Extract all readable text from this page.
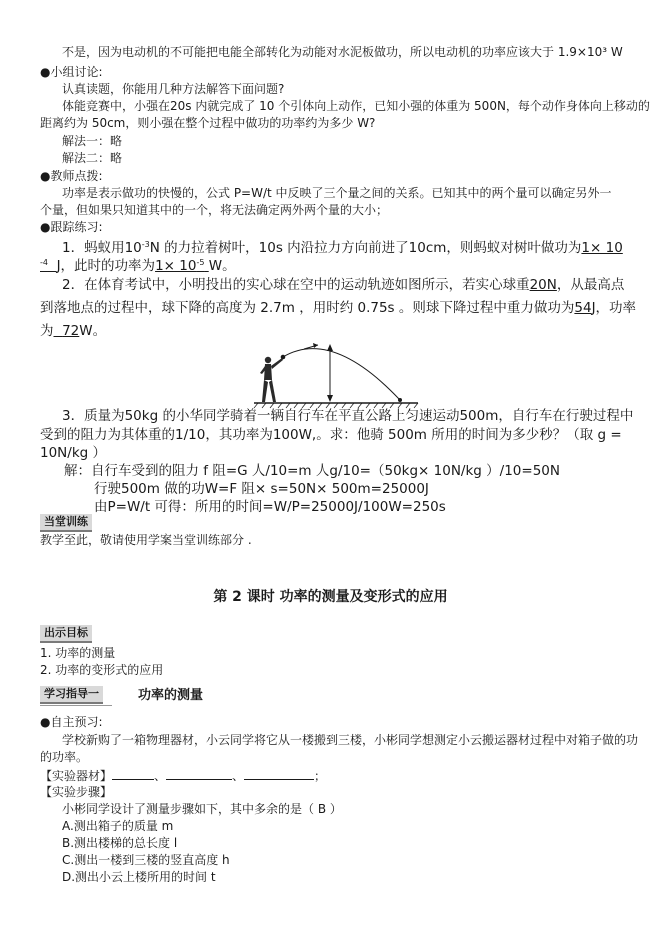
不是，因为电动机的不可能把电能全部转化为动能对水泥板做功，所以电动机的功率应该大于 1.9×10³ W
●小组讨论:
认真读题，你能用几种方法解答下面问题?
体能竞赛中，小强在20s 内就完成了 10 个引体向上动作，已知小强的体重为 500N，每个动作身体向上移动的
距离约为 50cm，则小强在整个过程中做功的功率约为多少 W?
解法一：略
解法二：略
●教师点拨:
功率是表示做功的快慢的，公式 P=W/t 中反映了三个量之间的关系。已知其中的两个量可以确定另外一
个量，但如果只知道其中的一个，将无法确定两外两个量的大小；
●跟踪练习:
1．蚂蚁用$10^{-3}N$ 的力拉着树叶，10s 内沿拉力方向前进了10cm，则蚂蚁对树叶做功为1× 10
$^{-4}$ J，此时的功率为$1\times 10^{-5}$ W。
2．在体育考试中，小明投出的实心球在空中的运动轨迹如图所示，若实心球重20N，从最高点
到落地点的过程中，球下降的高度为 2.7m ，用时约 0.75s 。则球下降过程中重力做功为54J，功率
为 72W。
3．质量为50kg 的小华同学骑着一辆自行车在平直公路上匀速运动500m，自行车在行驶过程中
受到的阻力为其体重的1/10，其功率为100W,。求：他骑 500m 所用的时间为多少秒？（取 g =
10N/kg ）
解：自行车受到的阻力 f 阻=G 人/10=m 人g/10=（50kg× 10N/kg ）/10=50N
行驶500m 做的功W=F 阻× s=50N× 500m=25000J
由P=W/t 可得：所用的时间=W/P=25000J/100W=250s
当堂训练
教学至此，敬请使用学案当堂训练部分 .
第 2 课时 功率的测量及变形式的应用
出示目标
1. 功率的测量
2. 功率的变形式的应用
学习指导一	功率的测量
●自主预习:
学校新购了一箱物理器材，小云同学将它从一楼搬到三楼，小彬同学想测定小云搬运器材过程中对箱子做的功
的功率。
【实验器材】	、	、	；
【实验步骤】
小彬同学设计了测量步骤如下，其中多余的是（ B ）
A.测出箱子的质量 m
B.测出楼梯的总长度 l
C.测出一楼到三楼的竖直高度 h
D.测出小云上楼所用的时间 t
